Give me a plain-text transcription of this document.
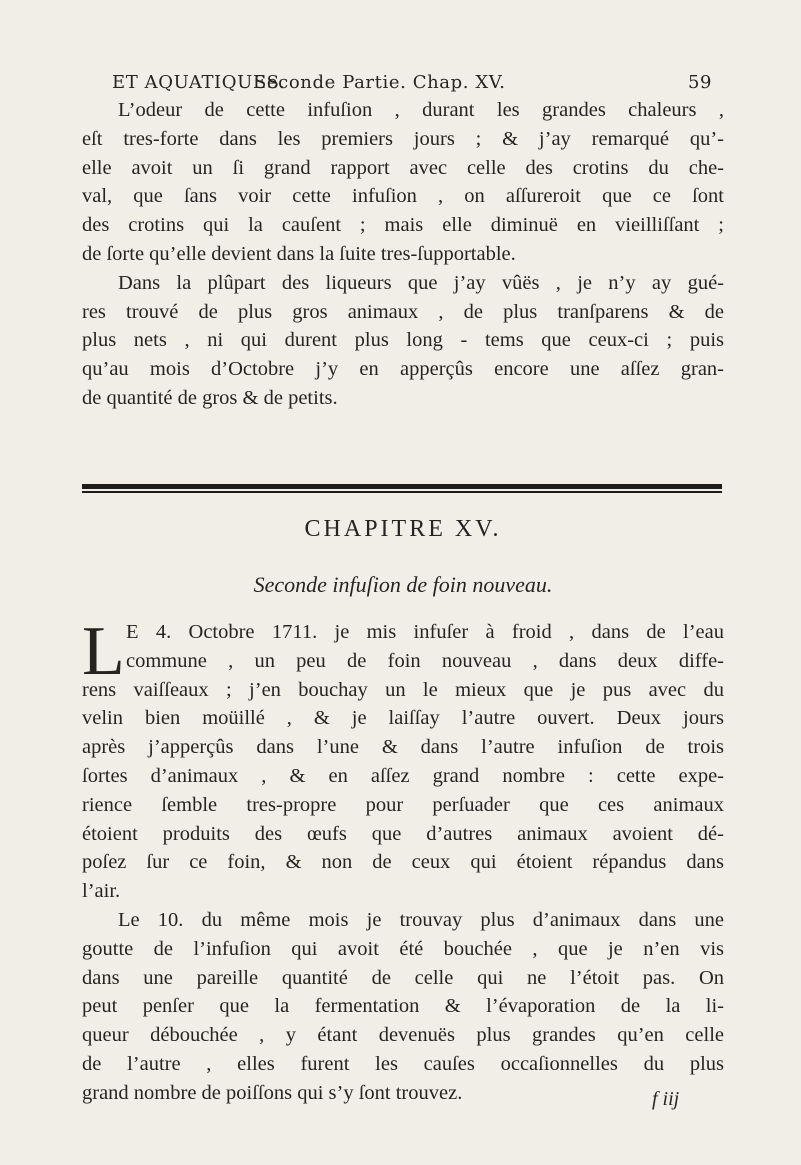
ET AQUATIQUES.
Seconde Partie. Chap. XV.	59
L’odeur de cette infuſion , durant les grandes chaleurs ,
eſt tres-forte dans les premiers jours ; & j’ay remarqué qu’-
elle avoit un ſi grand rapport avec celle des crotins du che-
val, que ſans voir cette infuſion , on aſſureroit que ce ſont
des crotins qui la cauſent ; mais elle diminuë en vieilliſſant ;
de ſorte qu’elle devient dans la ſuite tres-ſupportable.
Dans la plûpart des liqueurs que j’ay vûës , je n’y ay gué-
res trouvé de plus gros animaux , de plus tranſparens & de
plus nets , ni qui durent plus long - tems que ceux-ci ; puis
qu’au mois d’Octobre j’y en apperçûs encore une aſſez gran-
de quantité de gros & de petits.
CHAPITRE XV.
Seconde infuſion de foin nouveau.
L E 4. Octobre 1711. je mis infuſer à froid , dans de l’eau
commune , un peu de foin nouveau , dans deux diffe-
rens vaiſſeaux ; j’en bouchay un le mieux que je pus avec du
velin bien moüillé , & je laiſſay l’autre ouvert. Deux jours
après j’apperçûs dans l’une & dans l’autre infuſion de trois
ſortes d’animaux , & en aſſez grand nombre : cette expe-
rience ſemble tres-propre pour perſuader que ces animaux
étoient produits des œufs que d’autres animaux avoient dé-
poſez ſur ce foin, & non de ceux qui étoient répandus dans
l’air.
Le 10. du même mois je trouvay plus d’animaux dans une
goutte de l’infuſion qui avoit été bouchée , que je n’en vis
dans une pareille quantité de celle qui ne l’étoit pas. On
peut penſer que la fermentation & l’évaporation de la li-
queur débouchée , y étant devenuës plus grandes qu’en celle
de l’autre , elles furent les cauſes occaſionnelles du plus
grand nombre de poiſſons qui s’y ſont trouvez.	f iij
